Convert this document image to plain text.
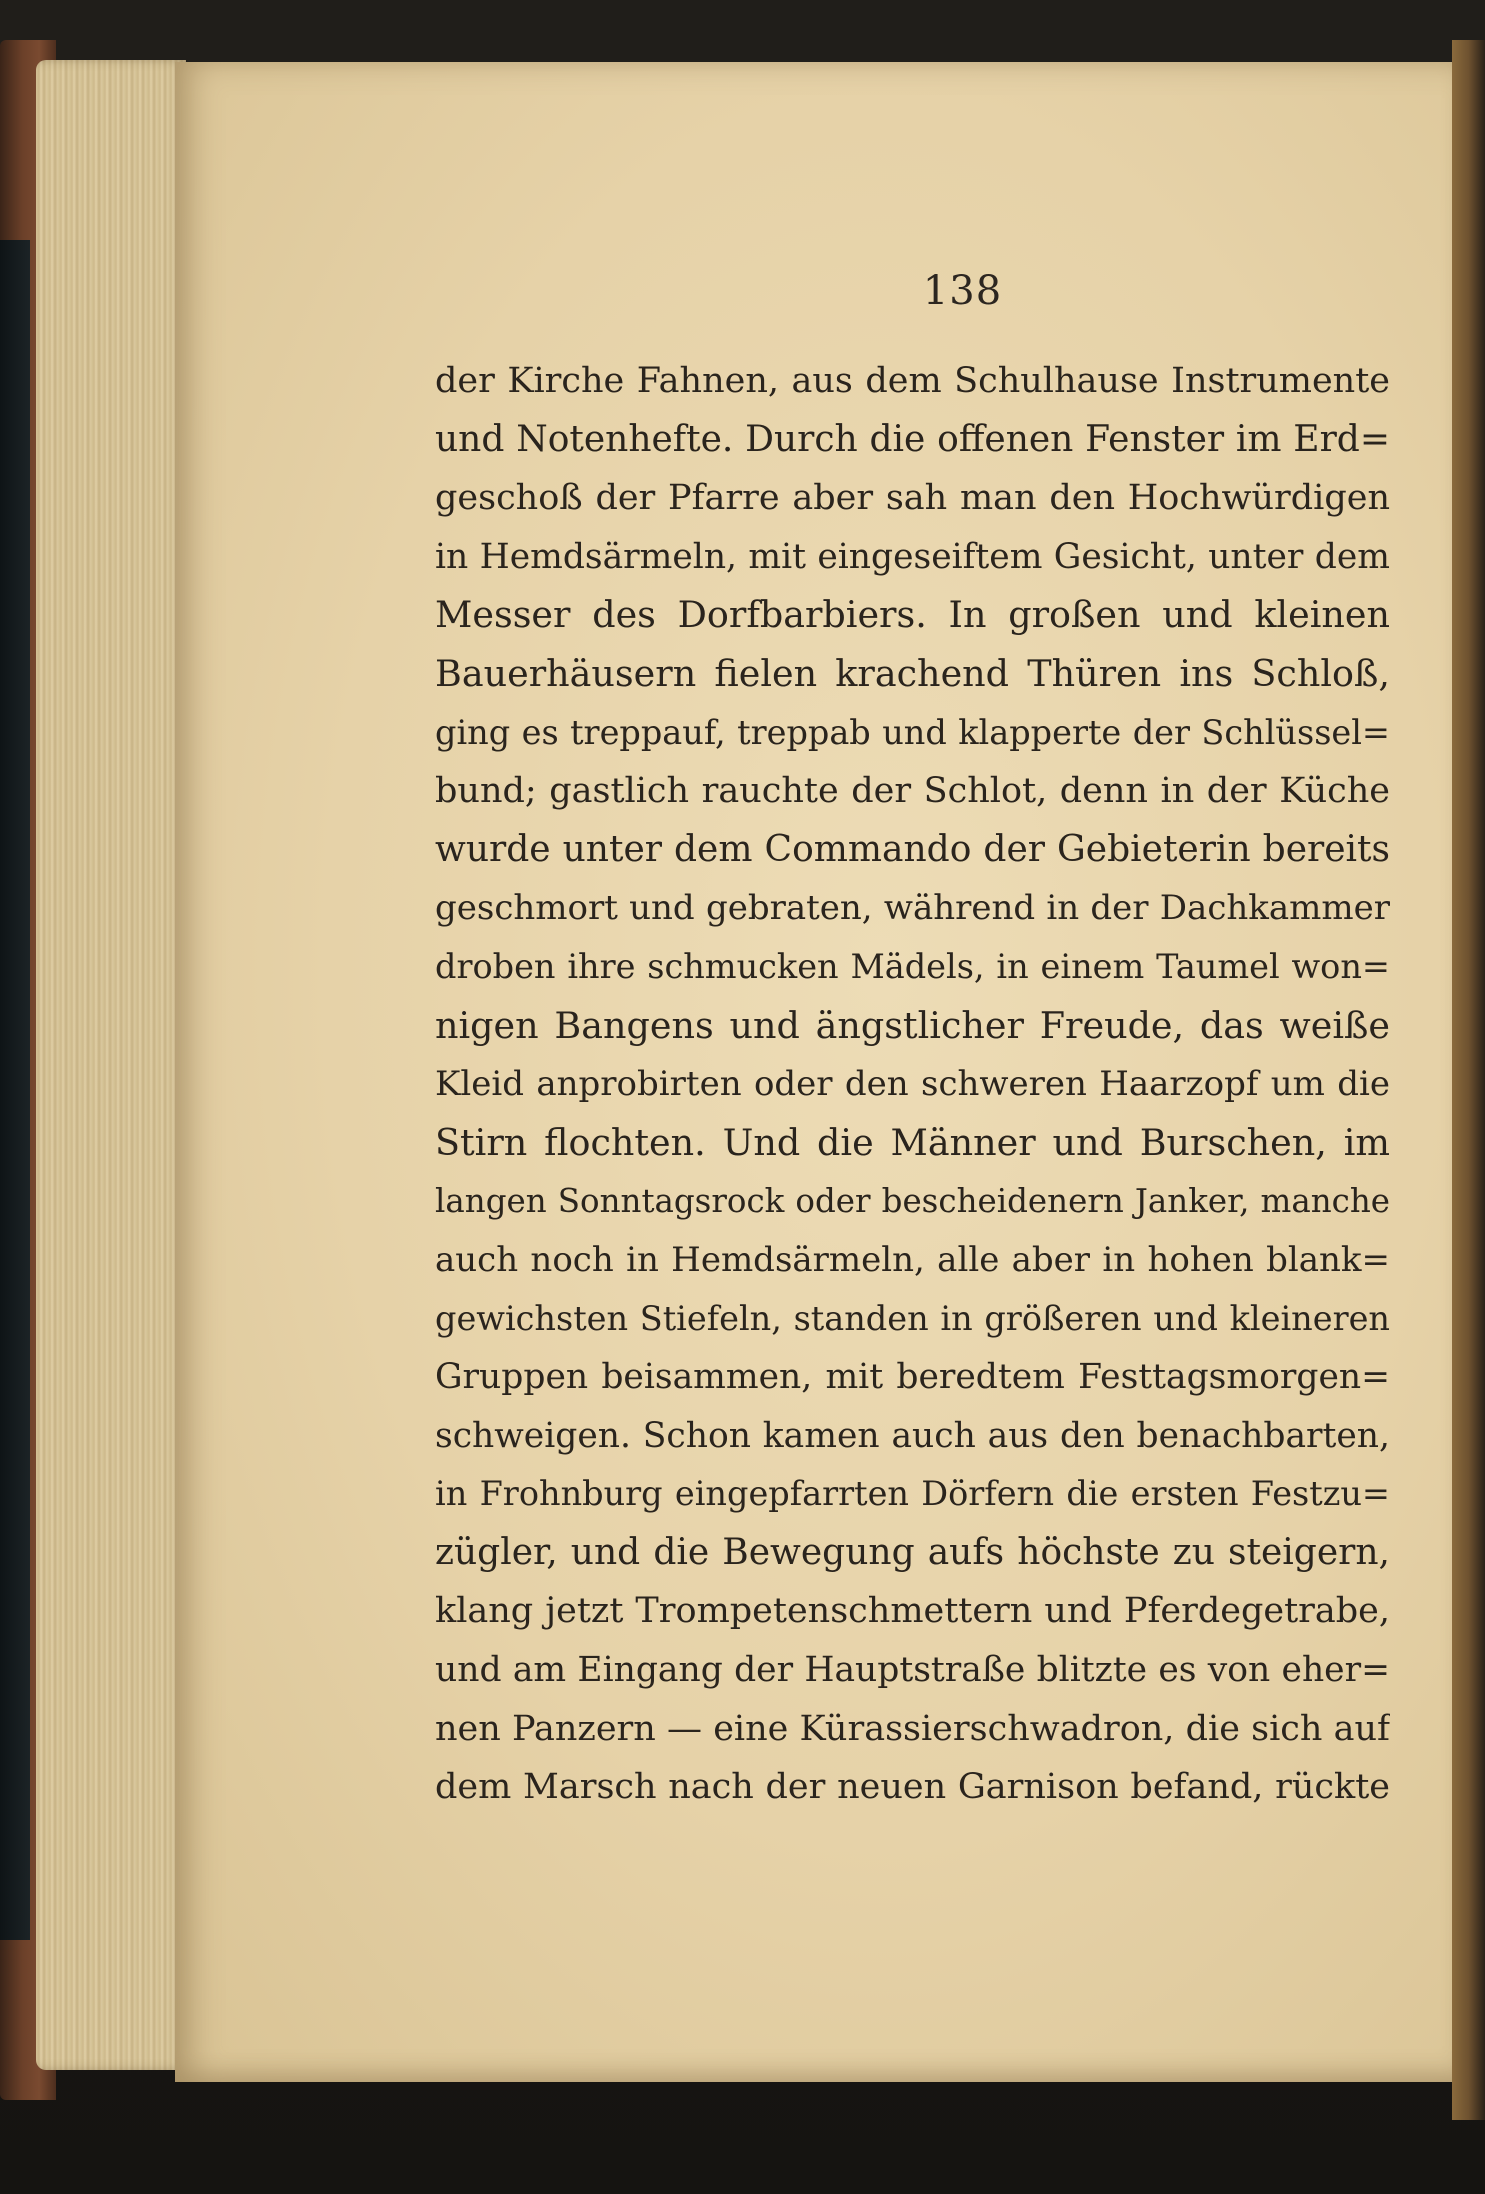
138
der Kirche Fahnen, aus dem Schulhause Instrumente
und Notenhefte. Durch die offenen Fenster im Erd=
geschoß der Pfarre aber sah man den Hochwürdigen
in Hemdsärmeln, mit eingeseiftem Gesicht, unter dem
Messer des Dorfbarbiers. In großen und kleinen
Bauerhäusern fielen krachend Thüren ins Schloß,
ging es treppauf, treppab und klapperte der Schlüssel=
bund; gastlich rauchte der Schlot, denn in der Küche
wurde unter dem Commando der Gebieterin bereits
geschmort und gebraten, während in der Dachkammer
droben ihre schmucken Mädels, in einem Taumel won=
nigen Bangens und ängstlicher Freude, das weiße
Kleid anprobirten oder den schweren Haarzopf um die
Stirn flochten. Und die Männer und Burschen, im
langen Sonntagsrock oder bescheidenern Janker, manche
auch noch in Hemdsärmeln, alle aber in hohen blank=
gewichsten Stiefeln, standen in größeren und kleineren
Gruppen beisammen, mit beredtem Festtagsmorgen=
schweigen. Schon kamen auch aus den benachbarten,
in Frohnburg eingepfarrten Dörfern die ersten Festzu=
zügler, und die Bewegung aufs höchste zu steigern,
klang jetzt Trompetenschmettern und Pferdegetrabe,
und am Eingang der Hauptstraße blitzte es von eher=
nen Panzern — eine Kürassierschwadron, die sich auf
dem Marsch nach der neuen Garnison befand, rückte
